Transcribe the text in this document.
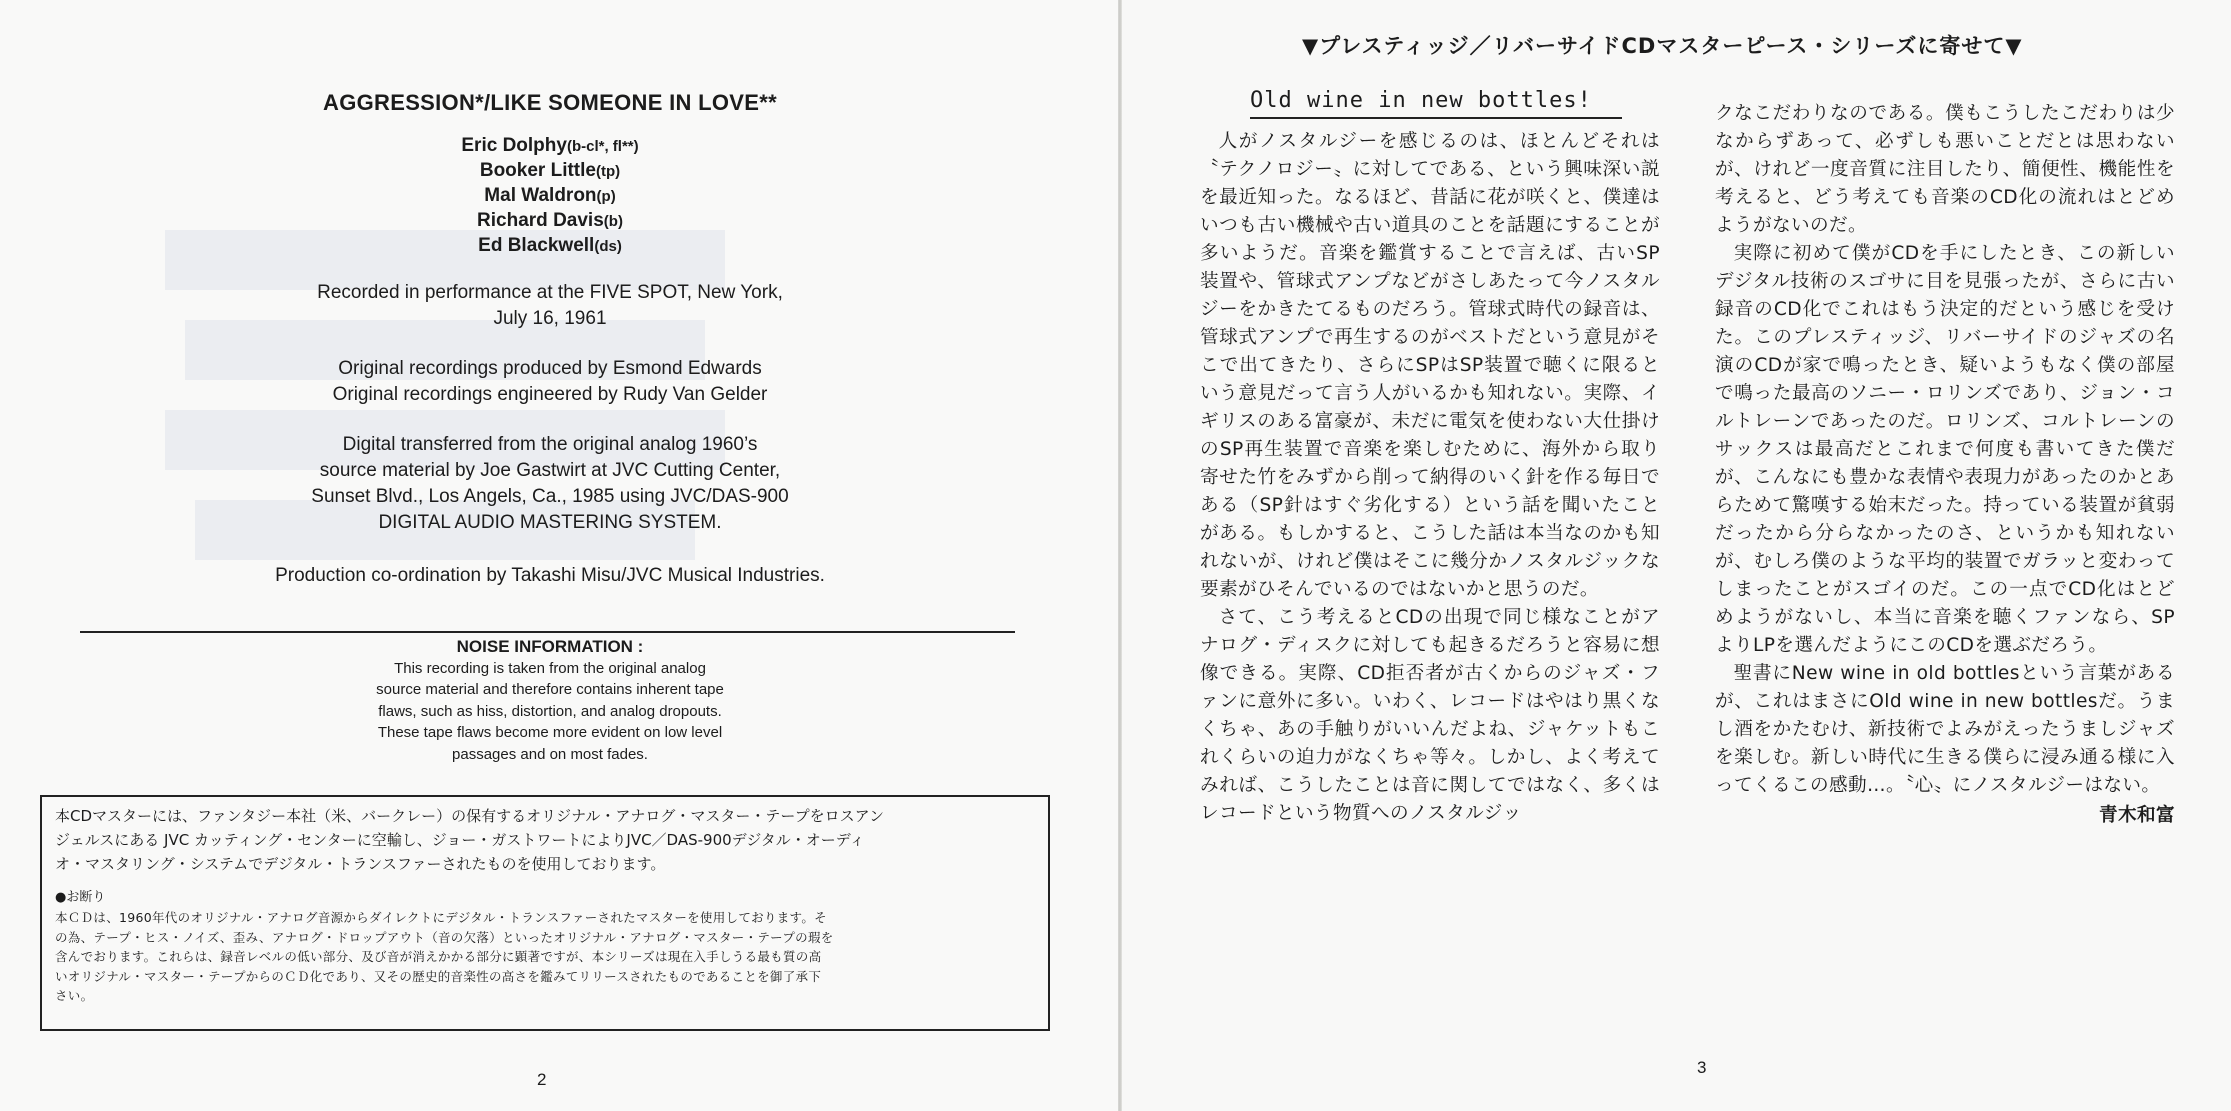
AGGRESSION*/LIKE SOMEONE IN LOVE**
Eric Dolphy(b-cl*, fl**)
Booker Little(tp)
Mal Waldron(p)
Richard Davis(b)
Ed Blackwell(ds)
Recorded in performance at the FIVE SPOT, New York,
July 16, 1961
Original recordings produced by Esmond Edwards
Original recordings engineered by Rudy Van Gelder
Digital transferred from the original analog 1960’s
source material by Joe Gastwirt at JVC Cutting Center,
Sunset Blvd., Los Angels, Ca., 1985 using JVC/DAS-900
DIGITAL AUDIO MASTERING SYSTEM.
Production co-ordination by Takashi Misu/JVC Musical Industries.
NOISE INFORMATION :
This recording is taken from the original analog
source material and therefore contains inherent tape
flaws, such as hiss, distortion, and analog dropouts.
These tape flaws become more evident on low level
passages and on most fades.
本CDマスターには、ファンタジー本社（米、バークレー）の保有するオリジナル・アナログ・マスター・テープをロスアン
ジェルスにある JVC カッティング・センターに空輸し、ジョー・ガストワートによりJVC／DAS-900デジタル・オーディ
オ・マスタリング・システムでデジタル・トランスファーされたものを使用しております。
●お断り
本ＣＤは、1960年代のオリジナル・アナログ音源からダイレクトにデジタル・トランスファーされたマスターを使用しております。そ
の為、テープ・ヒス・ノイズ、歪み、アナログ・ドロップアウト（音の欠落）といったオリジナル・アナログ・マスター・テープの瑕を
含んでおります。これらは、録音レベルの低い部分、及び音が消えかかる部分に顕著ですが、本シリーズは現在入手しうる最も質の高
いオリジナル・マスター・テープからのＣＤ化であり、又その歴史的音楽性の高さを鑑みてリリースされたものであることを御了承下
さい。
2
▼プレスティッジ／リバーサイドCDマスターピース・シリーズに寄せて▼
Old wine in new bottles!

人がノスタルジーを感じるのは、ほとんどそれは〝テクノロジー〟に対してである、という興味深い説を最近知った。なるほど、昔話に花が咲くと、僕達はいつも古い機械や古い道具のことを話題にすることが多いようだ。音楽を鑑賞することで言えば、古いSP装置や、管球式アンプなどがさしあたって今ノスタルジーをかきたてるものだろう。管球式時代の録音は、管球式アンプで再生するのがベストだという意見がそこで出てきたり、さらにSPはSP装置で聴くに限るという意見だって言う人がいるかも知れない。実際、イギリスのある富豪が、未だに電気を使わない大仕掛けのSP再生装置で音楽を楽しむために、海外から取り寄せた竹をみずから削って納得のいく針を作る毎日である（SP針はすぐ劣化する）という話を聞いたことがある。もしかすると、こうした話は本当なのかも知れないが、けれど僕はそこに幾分かノスタルジックな要素がひそんでいるのではないかと思うのだ。

さて、こう考えるとCDの出現で同じ様なことがアナログ・ディスクに対しても起きるだろうと容易に想像できる。実際、CD拒否者が古くからのジャズ・ファンに意外に多い。いわく、レコードはやはり黒くなくちゃ、あの手触りがいいんだよね、ジャケットもこれくらいの迫力がなくちゃ等々。しかし、よく考えてみれば、こうしたことは音に関してではなく、多くはレコードという物質へのノスタルジッ

クなこだわりなのである。僕もこうしたこだわりは少なからずあって、必ずしも悪いことだとは思わないが、けれど一度音質に注目したり、簡便性、機能性を考えると、どう考えても音楽のCD化の流れはとどめようがないのだ。

実際に初めて僕がCDを手にしたとき、この新しいデジタル技術のスゴサに目を見張ったが、さらに古い録音のCD化でこれはもう決定的だという感じを受けた。このプレスティッジ、リバーサイドのジャズの名演のCDが家で鳴ったとき、疑いようもなく僕の部屋で鳴った最高のソニー・ロリンズであり、ジョン・コルトレーンであったのだ。ロリンズ、コルトレーンのサックスは最高だとこれまで何度も書いてきた僕だが、こんなにも豊かな表情や表現力があったのかとあらためて驚嘆する始末だった。持っている装置が貧弱だったから分らなかったのさ、というかも知れないが、むしろ僕のような平均的装置でガラッと変わってしまったことがスゴイのだ。この一点でCD化はとどめようがないし、本当に音楽を聴くファンなら、SPよりLPを選んだようにこのCDを選ぶだろう。

聖書にNew wine in old bottlesという言葉があるが、これはまさにOld wine in new bottlesだ。うまし酒をかたむけ、新技術でよみがえったうましジャズを楽しむ。新しい時代に生きる僕らに浸み通る様に入ってくるこの感動…。〝心〟にノスタルジーはない。

青木和富
3
